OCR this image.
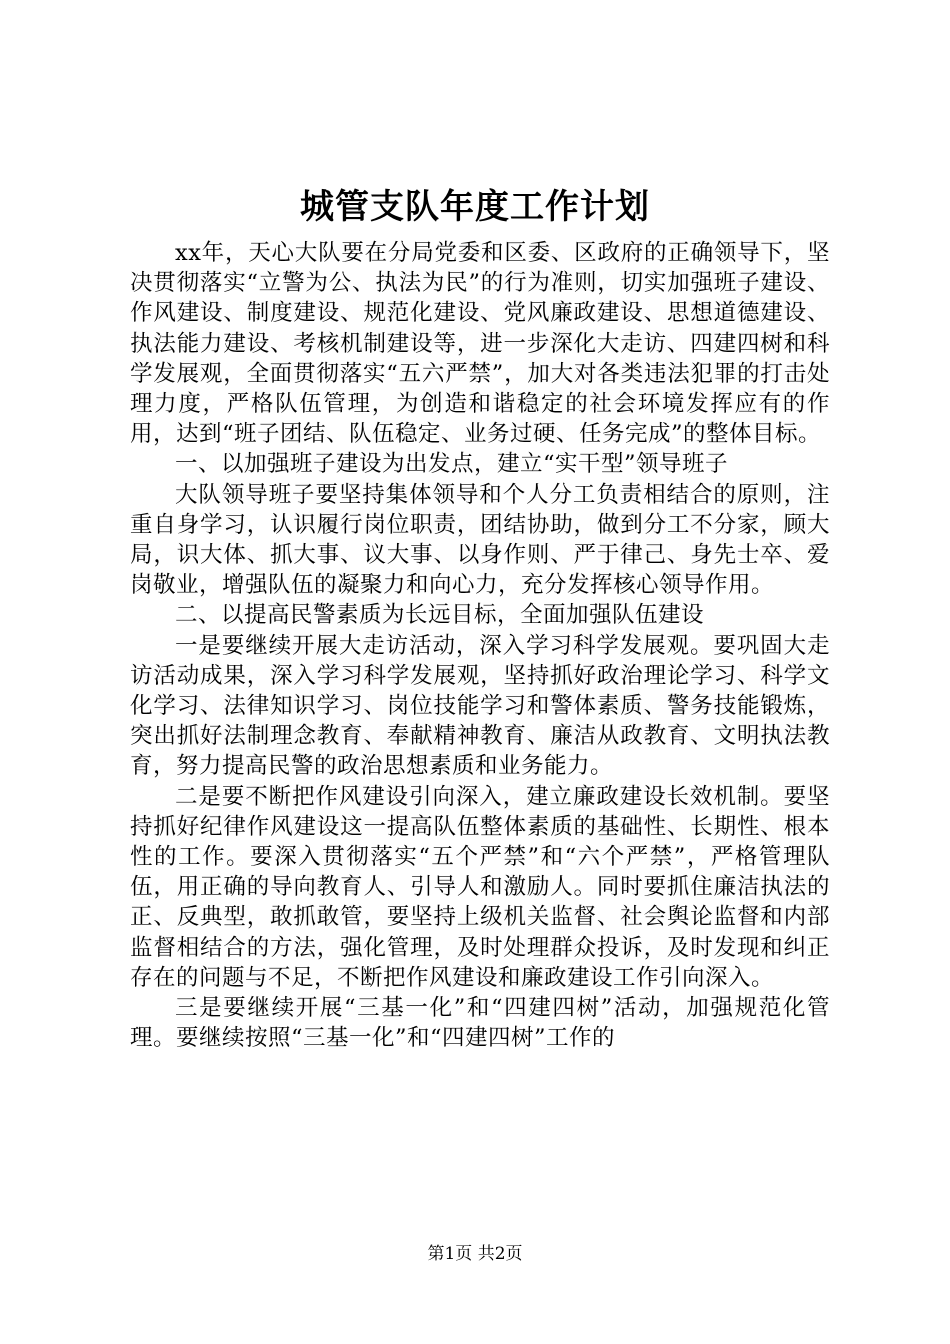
城管支队年度工作计划

xx年，天心大队要在分局党委和区委、区政府的正确领导下，坚决贯彻落实“立警为公、执法为民”的行为准则，切实加强班子建设、作风建设、制度建设、规范化建设、党风廉政建设、思想道德建设、执法能力建设、考核机制建设等，进一步深化大走访、四建四树和科学发展观，全面贯彻落实“五六严禁”，加大对各类违法犯罪的打击处理力度，严格队伍管理，为创造和谐稳定的社会环境发挥应有的作用，达到“班子团结、队伍稳定、业务过硬、任务完成”的整体目标。

一、以加强班子建设为出发点，建立“实干型”领导班子

大队领导班子要坚持集体领导和个人分工负责相结合的原则，注重自身学习，认识履行岗位职责，团结协助，做到分工不分家，顾大局，识大体、抓大事、议大事、以身作则、严于律己、身先士卒、爱岗敬业，增强队伍的凝聚力和向心力，充分发挥核心领导作用。

二、以提高民警素质为长远目标，全面加强队伍建设

一是要继续开展大走访活动，深入学习科学发展观。要巩固大走访活动成果，深入学习科学发展观，坚持抓好政治理论学习、科学文化学习、法律知识学习、岗位技能学习和警体素质、警务技能锻炼，突出抓好法制理念教育、奉献精神教育、廉洁从政教育、文明执法教育，努力提高民警的政治思想素质和业务能力。

二是要不断把作风建设引向深入，建立廉政建设长效机制。要坚持抓好纪律作风建设这一提高队伍整体素质的基础性、长期性、根本性的工作。要深入贯彻落实“五个严禁”和“六个严禁”，严格管理队伍，用正确的导向教育人、引导人和激励人。同时要抓住廉洁执法的正、反典型，敢抓敢管，要坚持上级机关监督、社会舆论监督和内部监督相结合的方法，强化管理，及时处理群众投诉，及时发现和纠正存在的问题与不足，不断把作风建设和廉政建设工作引向深入。

三是要继续开展“三基一化”和“四建四树”活动，加强规范化管理。要继续按照“三基一化”和“四建四树”工作的

第1页 共2页
